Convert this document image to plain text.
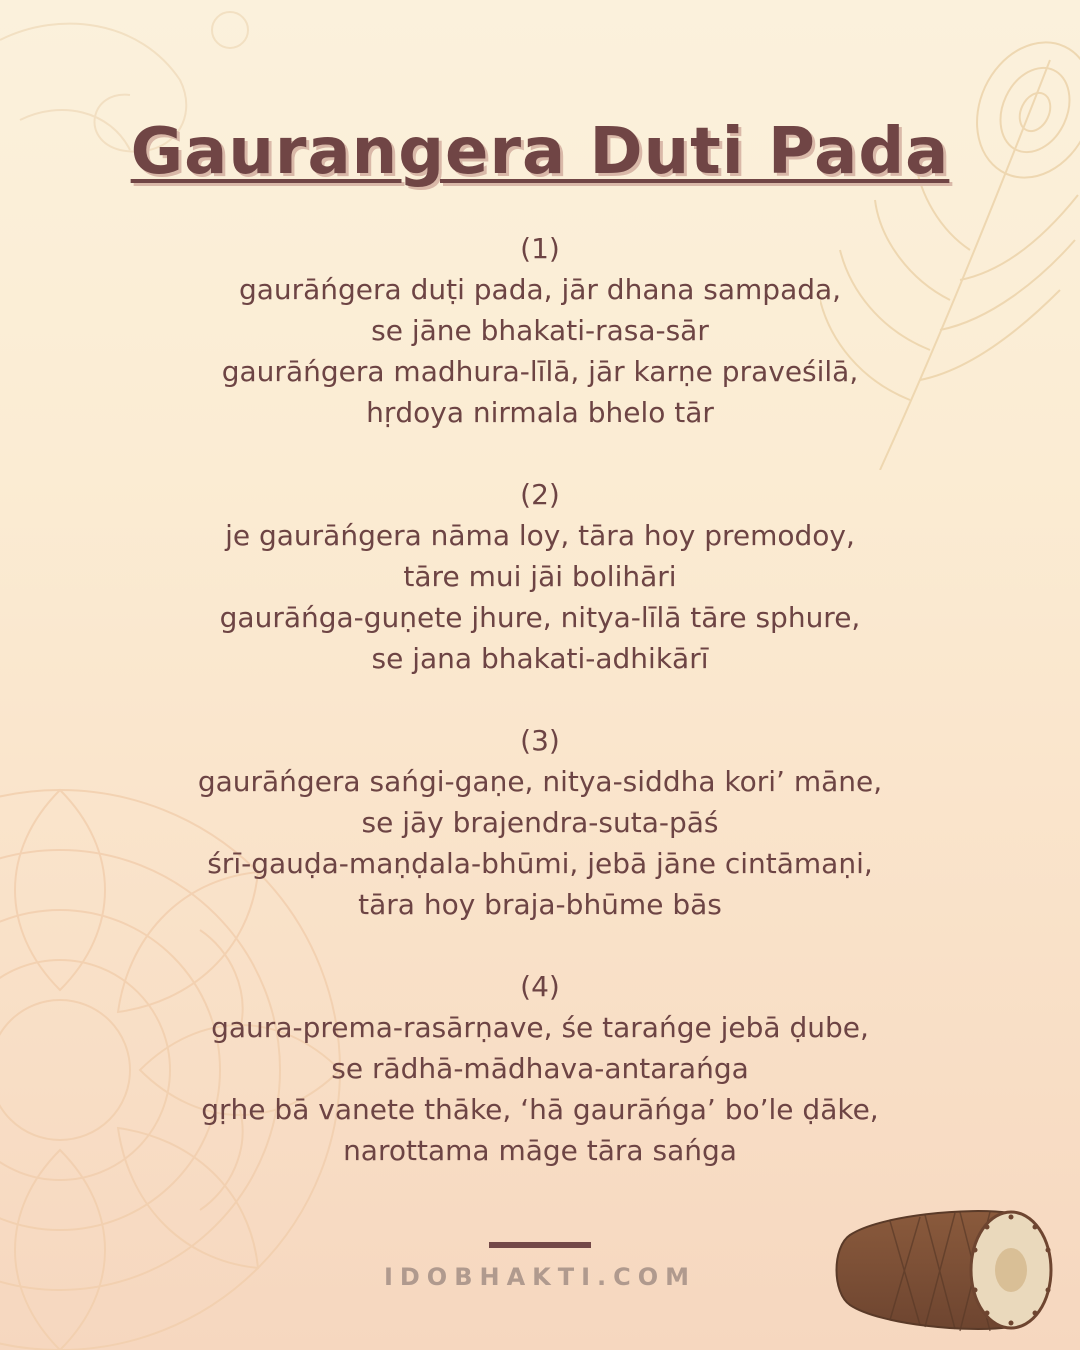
Gaurangera Duti Pada
(1)
gaurāńgera duṭi pada, jār dhana sampada,
se jāne bhakati-rasa-sār
gaurāńgera madhura-līlā, jār karṇe praveśilā,
hṛdoya nirmala bhelo tār
(2)
je gaurāńgera nāma loy, tāra hoy premodoy,
tāre mui jāi bolihāri
gaurāńga-guṇete jhure, nitya-līlā tāre sphure,
se jana bhakati-adhikārī
(3)
gaurāńgera sańgi-gaṇe, nitya-siddha kori’ māne,
se jāy brajendra-suta-pāś
śrī-gauḍa-maṇḍala-bhūmi, jebā jāne cintāmaṇi,
tāra hoy braja-bhūme bās
(4)
gaura-prema-rasārṇave, śe tarańge jebā ḍube,
se rādhā-mādhava-antarańga
gṛhe bā vanete thāke, ‘hā gaurāńga’ bo’le ḍāke,
narottama māge tāra sańga
IDOBHAKTI.COM
